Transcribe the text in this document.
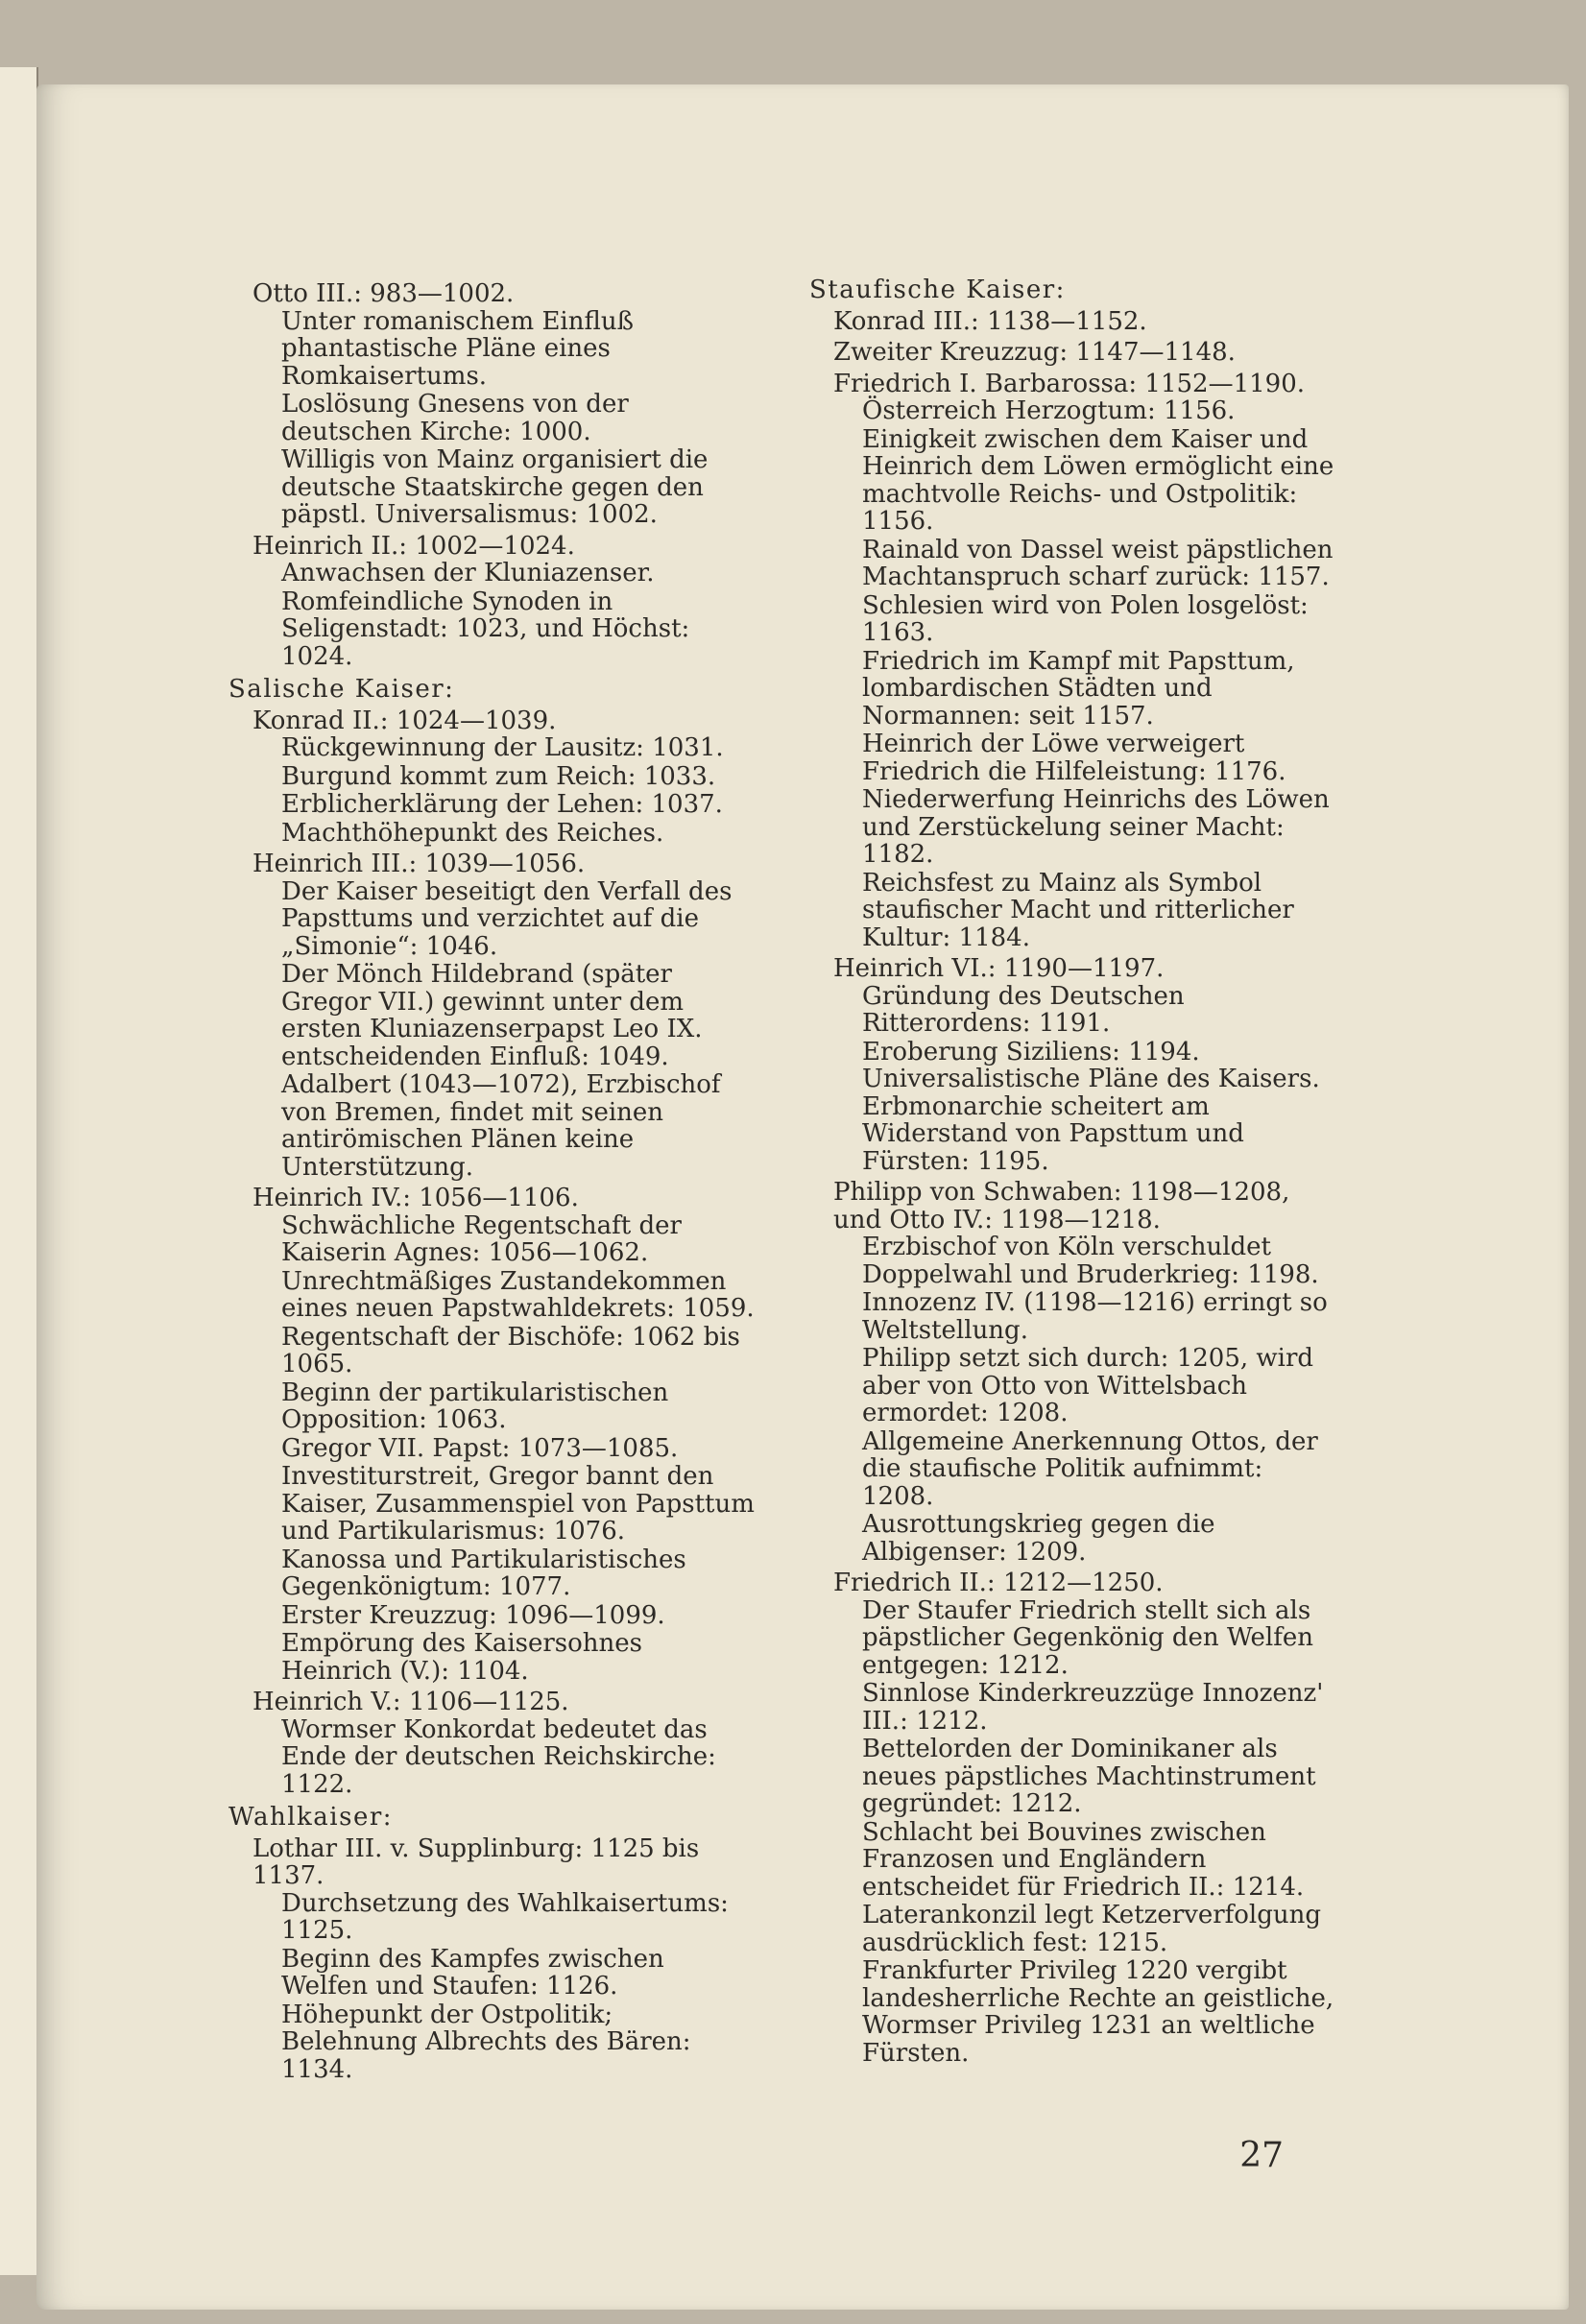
Otto III.: 983—1002.
Unter romanischem Einfluß phantastische Pläne eines Romkaisertums.
Loslösung Gnesens von der deutschen Kirche: 1000.
Willigis von Mainz organisiert die deutsche Staatskirche gegen den päpstl. Universalismus: 1002.
Heinrich II.: 1002—1024.
Anwachsen der Kluniazenser.
Romfeindliche Synoden in Seligenstadt: 1023, und Höchst: 1024.
Salische Kaiser:
Konrad II.: 1024—1039.
Rückgewinnung der Lausitz: 1031.
Burgund kommt zum Reich: 1033.
Erblicherklärung der Lehen: 1037.
Machthöhepunkt des Reiches.
Heinrich III.: 1039—1056.
Der Kaiser beseitigt den Verfall des Papsttums und verzichtet auf die „Simonie“: 1046.
Der Mönch Hildebrand (später Gregor VII.) gewinnt unter dem ersten Kluniazenserpapst Leo IX. entscheidenden Einfluß: 1049.
Adalbert (1043—1072), Erzbischof von Bremen, findet mit seinen antirömischen Plänen keine Unterstützung.
Heinrich IV.: 1056—1106.
Schwächliche Regentschaft der Kaiserin Agnes: 1056—1062.
Unrechtmäßiges Zustandekommen eines neuen Papstwahldekrets: 1059.
Regentschaft der Bischöfe: 1062 bis 1065.
Beginn der partikularistischen Opposition: 1063.
Gregor VII. Papst: 1073—1085.
Investiturstreit, Gregor bannt den Kaiser, Zusammenspiel von Papsttum und Partikularismus: 1076.
Kanossa und Partikularistisches Gegenkönigtum: 1077.
Erster Kreuzzug: 1096—1099.
Empörung des Kaisersohnes Heinrich (V.): 1104.
Heinrich V.: 1106—1125.
Wormser Konkordat bedeutet das Ende der deutschen Reichskirche: 1122.
Wahlkaiser:
Lothar III. v. Supplinburg: 1125 bis 1137.
Durchsetzung des Wahlkaisertums: 1125.
Beginn des Kampfes zwischen Welfen und Staufen: 1126.
Höhepunkt der Ostpolitik; Belehnung Albrechts des Bären: 1134.
Staufische Kaiser:
Konrad III.: 1138—1152.
Zweiter Kreuzzug: 1147—1148.
Friedrich I. Barbarossa: 1152—1190.
Österreich Herzogtum: 1156.
Einigkeit zwischen dem Kaiser und Heinrich dem Löwen ermöglicht eine machtvolle Reichs- und Ostpolitik: 1156.
Rainald von Dassel weist päpstlichen Machtanspruch scharf zurück: 1157.
Schlesien wird von Polen losgelöst: 1163.
Friedrich im Kampf mit Papsttum, lombardischen Städten und Normannen: seit 1157.
Heinrich der Löwe verweigert Friedrich die Hilfeleistung: 1176.
Niederwerfung Heinrichs des Löwen und Zerstückelung seiner Macht: 1182.
Reichsfest zu Mainz als Symbol staufischer Macht und ritterlicher Kultur: 1184.
Heinrich VI.: 1190—1197.
Gründung des Deutschen Ritterordens: 1191.
Eroberung Siziliens: 1194. Universalistische Pläne des Kaisers. Erbmonarchie scheitert am Widerstand von Papsttum und Fürsten: 1195.
Philipp von Schwaben: 1198—1208, und Otto IV.: 1198—1218.
Erzbischof von Köln verschuldet Doppelwahl und Bruderkrieg: 1198.
Innozenz IV. (1198—1216) erringt so Weltstellung.
Philipp setzt sich durch: 1205, wird aber von Otto von Wittelsbach ermordet: 1208.
Allgemeine Anerkennung Ottos, der die staufische Politik aufnimmt: 1208.
Ausrottungskrieg gegen die Albigenser: 1209.
Friedrich II.: 1212—1250.
Der Staufer Friedrich stellt sich als päpstlicher Gegenkönig den Welfen entgegen: 1212.
Sinnlose Kinderkreuzzüge Innozenz' III.: 1212.
Bettelorden der Dominikaner als neues päpstliches Machtinstrument gegründet: 1212.
Schlacht bei Bouvines zwischen Franzosen und Engländern entscheidet für Friedrich II.: 1214.
Laterankonzil legt Ketzerverfolgung ausdrücklich fest: 1215.
Frankfurter Privileg 1220 vergibt landesherrliche Rechte an geistliche, Wormser Privileg 1231 an weltliche Fürsten.
27
